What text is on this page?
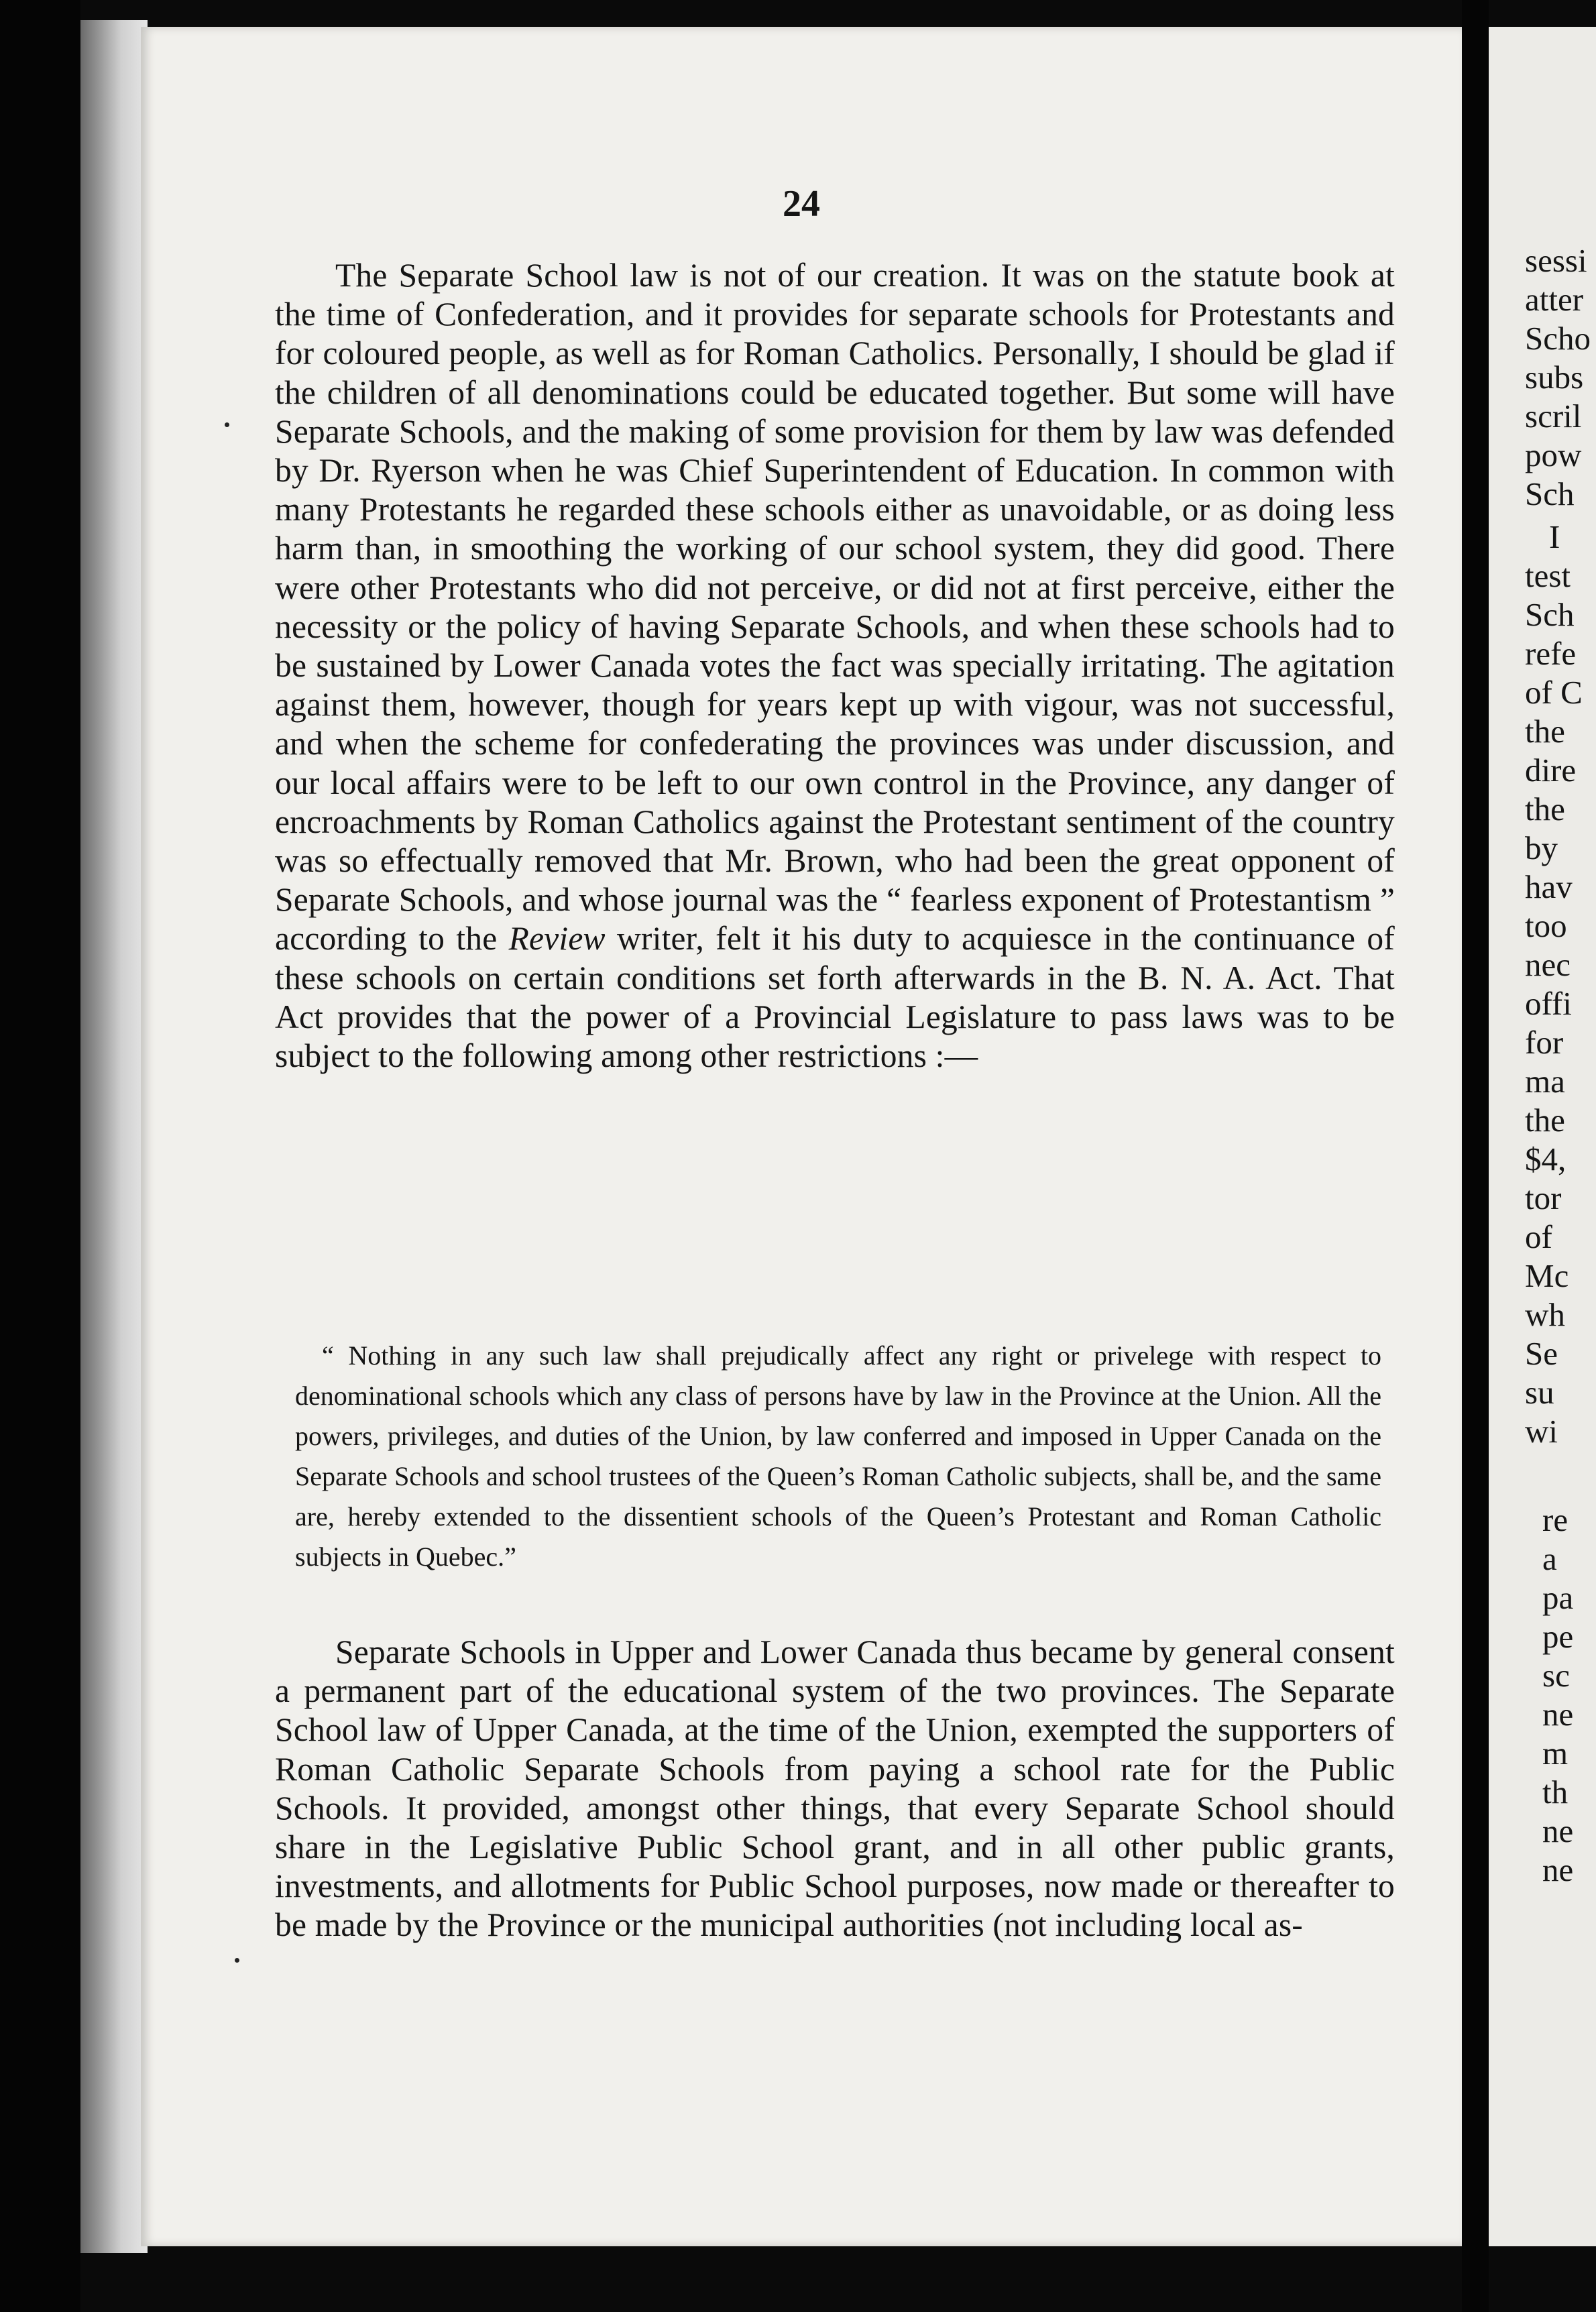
24

The Separate School law is not of our creation. It was on the statute book at the time of Confederation, and it provides for separate schools for Protestants and for coloured people, as well as for Roman Catholics. Personally, I should be glad if the children of all denominations could be educated together. But some will have Separate Schools, and the making of some provision for them by law was defended by Dr. Ryerson when he was Chief Superintendent of Education. In common with many Protestants he regarded these schools either as unavoidable, or as doing less harm than, in smoothing the working of our school system, they did good. There were other Protestants who did not perceive, or did not at first perceive, either the necessity or the policy of having Separate Schools, and when these schools had to be sustained by Lower Canada votes the fact was specially irritating. The agitation against them, however, though for years kept up with vigour, was not successful, and when the scheme for confederating the provinces was under discussion, and our local affairs were to be left to our own control in the Province, any danger of encroachments by Roman Catholics against the Protestant sentiment of the country was so effectually removed that Mr. Brown, who had been the great opponent of Separate Schools, and whose journal was the “ fearless exponent of Protestantism ” according to the Review writer, felt it his duty to acquiesce in the continuance of these schools on certain conditions set forth afterwards in the B. N. A. Act. That Act provides that the power of a Provincial Legislature to pass laws was to be subject to the following among other restrictions :—

“ Nothing in any such law shall prejudically affect any right or privelege with respect to denominational schools which any class of persons have by law in the Province at the Union. All the powers, privileges, and duties of the Union, by law conferred and imposed in Upper Canada on the Separate Schools and school trustees of the Queen’s Roman Catholic subjects, shall be, and the same are, hereby extended to the dissentient schools of the Queen’s Protestant and Roman Catholic subjects in Quebec.”

Separate Schools in Upper and Lower Canada thus became by general consent a permanent part of the educational system of the two provinces. The Separate School law of Upper Canada, at the time of the Union, exempted the supporters of Roman Catholic Separate Schools from paying a school rate for the Public Schools. It provided, amongst other things, that every Separate School should share in the Legislative Public School grant, and in all other public grants, investments, and allotments for Public School purposes, now made or thereafter to be made by the Province or the municipal authorities (not including local as-

sessi
atter
Scho
subs
scril
pow
Sch
I
test
Sch
refe
of C
the
dire
the
by
hav
too
nec
offi
for
ma
the
$4,
tor
of
Mc
wh
Se
su
wi
re
a
pa
pe
sc
ne
m
th
ne
ne
